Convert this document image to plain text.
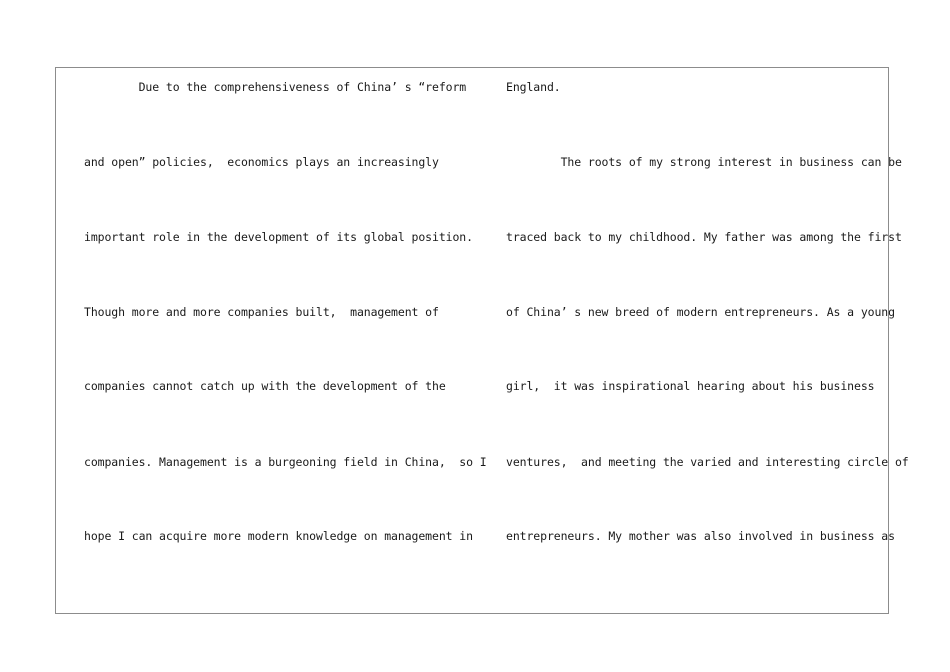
Due to the comprehensiveness of China’ s “reform
and open” policies,  economics plays an increasingly
important role in the development of its global position.
Though more and more companies built,  management of
companies cannot catch up with the development of the
companies. Management is a burgeoning field in China,  so I
hope I can acquire more modern knowledge on management in
England.
The roots of my strong interest in business can be
traced back to my childhood. My father was among the first
of China’ s new breed of modern entrepreneurs. As a young
girl,  it was inspirational hearing about his business
ventures,  and meeting the varied and interesting circle of
entrepreneurs. My mother was also involved in business as
